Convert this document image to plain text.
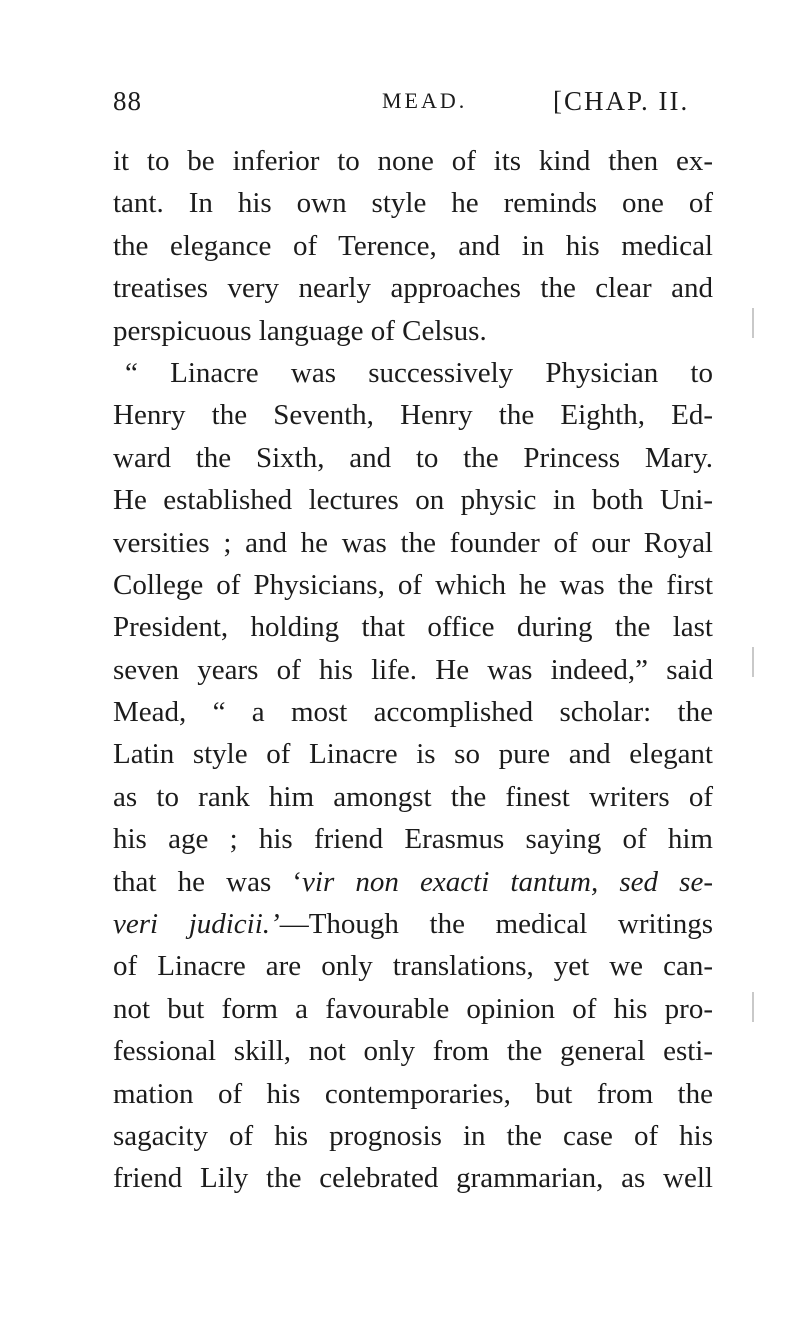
88	MEAD.	[CHAP. II.
it to be inferior to none of its kind then ex-
tant. In his own style he reminds one of
the elegance of Terence, and in his medical
treatises very nearly approaches the clear and
perspicuous language of Celsus.
“ Linacre was successively Physician to
Henry the Seventh, Henry the Eighth, Ed-
ward the Sixth, and to the Princess Mary.
He established lectures on physic in both Uni-
versities ; and he was the founder of our Royal
College of Physicians, of which he was the first
President, holding that office during the last
seven years of his life. He was indeed,” said
Mead, “ a most accomplished scholar: the
Latin style of Linacre is so pure and elegant
as to rank him amongst the finest writers of
his age ; his friend Erasmus saying of him
that he was ‘vir non exacti tantum, sed se-
veri judicii.’—Though the medical writings
of Linacre are only translations, yet we can-
not but form a favourable opinion of his pro-
fessional skill, not only from the general esti-
mation of his contemporaries, but from the
sagacity of his prognosis in the case of his
friend Lily the celebrated grammarian, as well
